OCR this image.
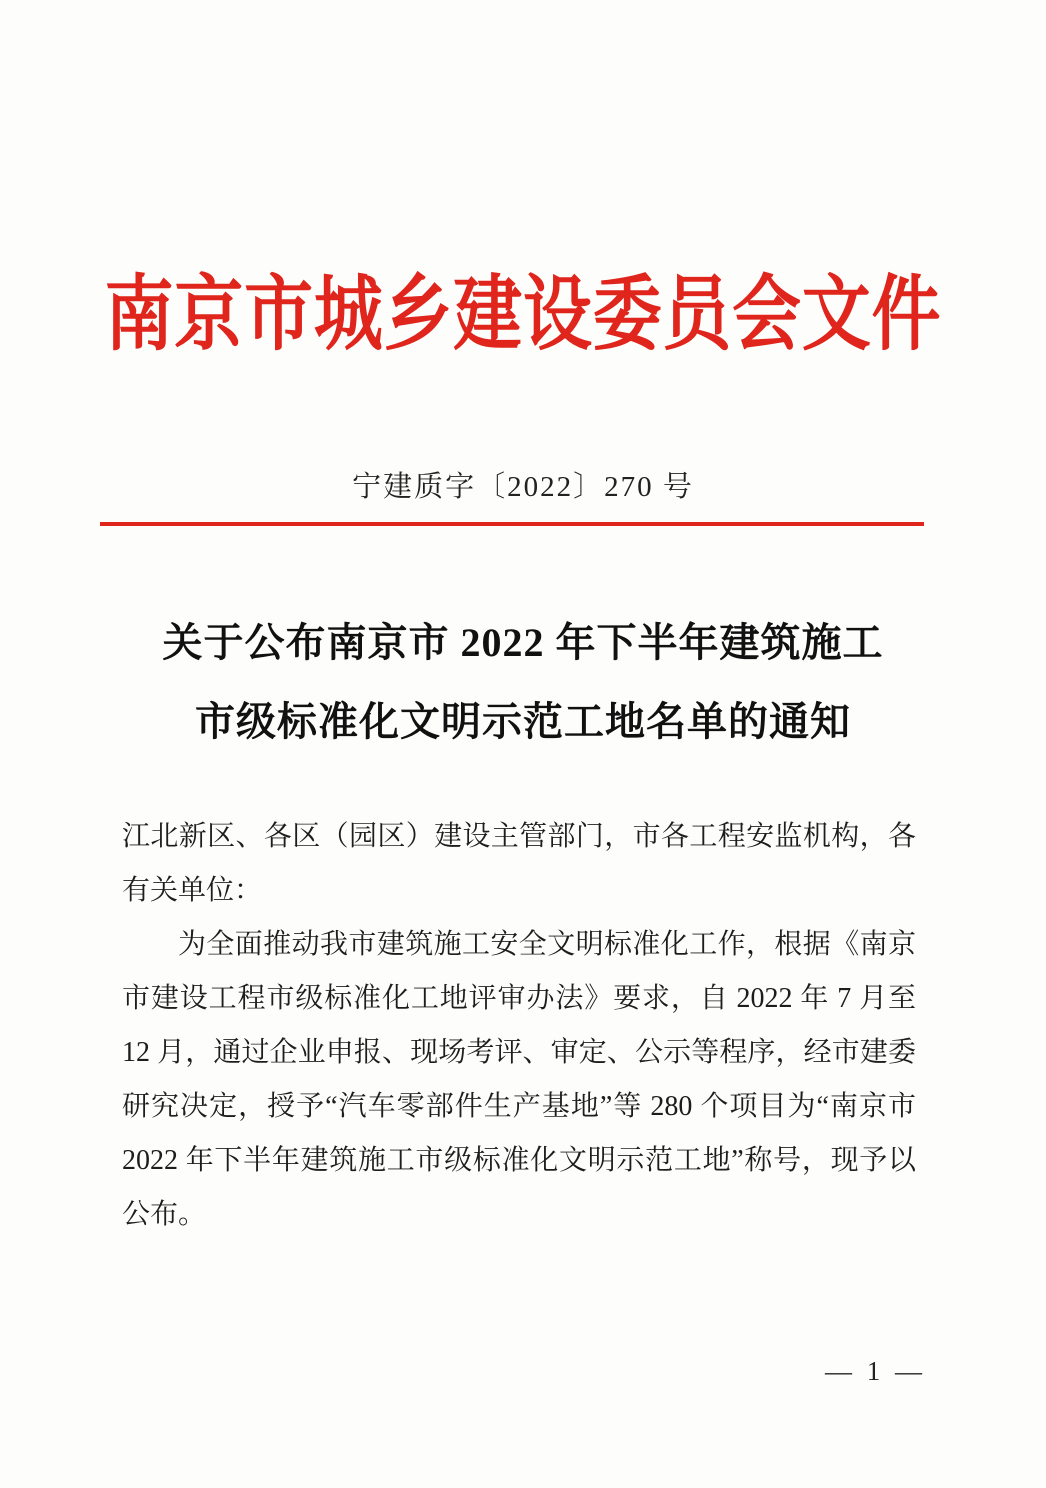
南京市城乡建设委员会文件
宁建质字〔2022〕270 号
关于公布南京市 2022 年下半年建筑施工
市级标准化文明示范工地名单的通知

江北新区、各区（园区）建设主管部门，市各工程安监机构，各有关单位：

为全面推动我市建筑施工安全文明标准化工作，根据《南京市建设工程市级标准化工地评审办法》要求，自 2022 年 7 月至 12 月，通过企业申报、现场考评、审定、公示等程序，经市建委研究决定，授予“汽车零部件生产基地”等 280 个项目为“南京市 2022 年下半年建筑施工市级标准化文明示范工地”称号，现予以公布。

— 1 —
